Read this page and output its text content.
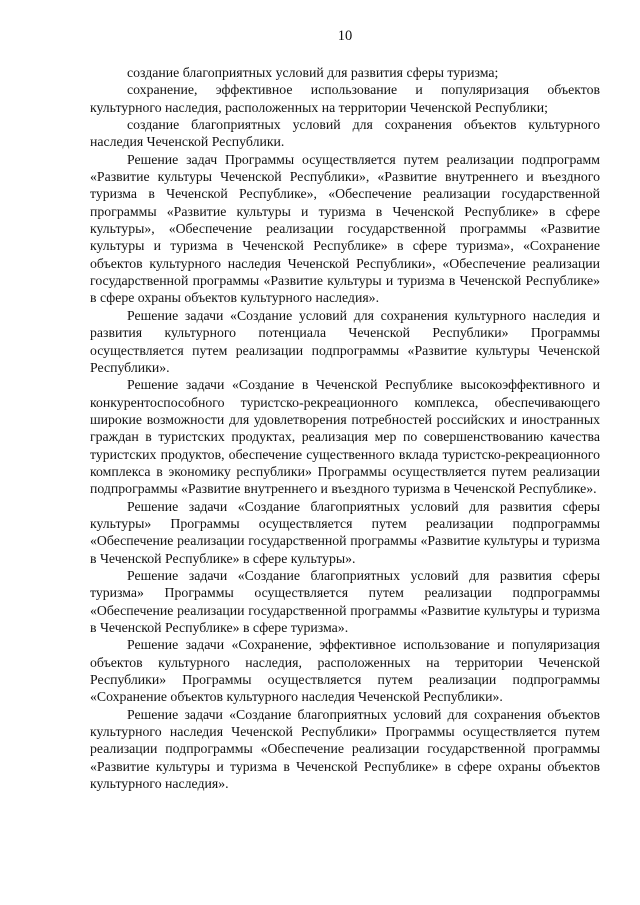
10

создание благоприятных условий для развития сферы туризма;

сохранение, эффективное использование и популяризация объектов культурного наследия, расположенных на территории Чеченской Республики;

создание благоприятных условий для сохранения объектов культурного наследия Чеченской Республики.

Решение задач Программы осуществляется путем реализации подпрограмм «Развитие культуры Чеченской Республики», «Развитие внутреннего и въездного туризма в Чеченской Республике», «Обеспечение реализации государственной программы «Развитие культуры и туризма в Чеченской Республике» в сфере культуры», «Обеспечение реализации государственной программы «Развитие культуры и туризма в Чеченской Республике» в сфере туризма», «Сохранение объектов культурного наследия Чеченской Республики», «Обеспечение реализации государственной программы «Развитие культуры и туризма в Чеченской Республике» в сфере охраны объектов культурного наследия».

Решение задачи «Создание условий для сохранения культурного наследия и развития культурного потенциала Чеченской Республики» Программы осуществляется путем реализации подпрограммы «Развитие культуры Чеченской Республики».

Решение задачи «Создание в Чеченской Республике высокоэффективного и конкурентоспособного туристско-рекреационного комплекса, обеспечивающего широкие возможности для удовлетворения потребностей российских и иностранных граждан в туристских продуктах, реализация мер по совершенствованию качества туристских продуктов, обеспечение существенного вклада туристско-рекреационного комплекса в экономику республики» Программы осуществляется путем реализации подпрограммы «Развитие внутреннего и въездного туризма в Чеченской Республике».

Решение задачи «Создание благоприятных условий для развития сферы культуры» Программы осуществляется путем реализации подпрограммы «Обеспечение реализации государственной программы «Развитие культуры и туризма в Чеченской Республике» в сфере культуры».

Решение задачи «Создание благоприятных условий для развития сферы туризма» Программы осуществляется путем реализации подпрограммы «Обеспечение реализации государственной программы «Развитие культуры и туризма в Чеченской Республике» в сфере туризма».

Решение задачи «Сохранение, эффективное использование и популяризация объектов культурного наследия, расположенных на территории Чеченской Республики» Программы осуществляется путем реализации подпрограммы «Сохранение объектов культурного наследия Чеченской Республики».

Решение задачи «Создание благоприятных условий для сохранения объектов культурного наследия Чеченской Республики» Программы осуществляется путем реализации подпрограммы «Обеспечение реализации государственной программы «Развитие культуры и туризма в Чеченской Республике» в сфере охраны объектов культурного наследия».
